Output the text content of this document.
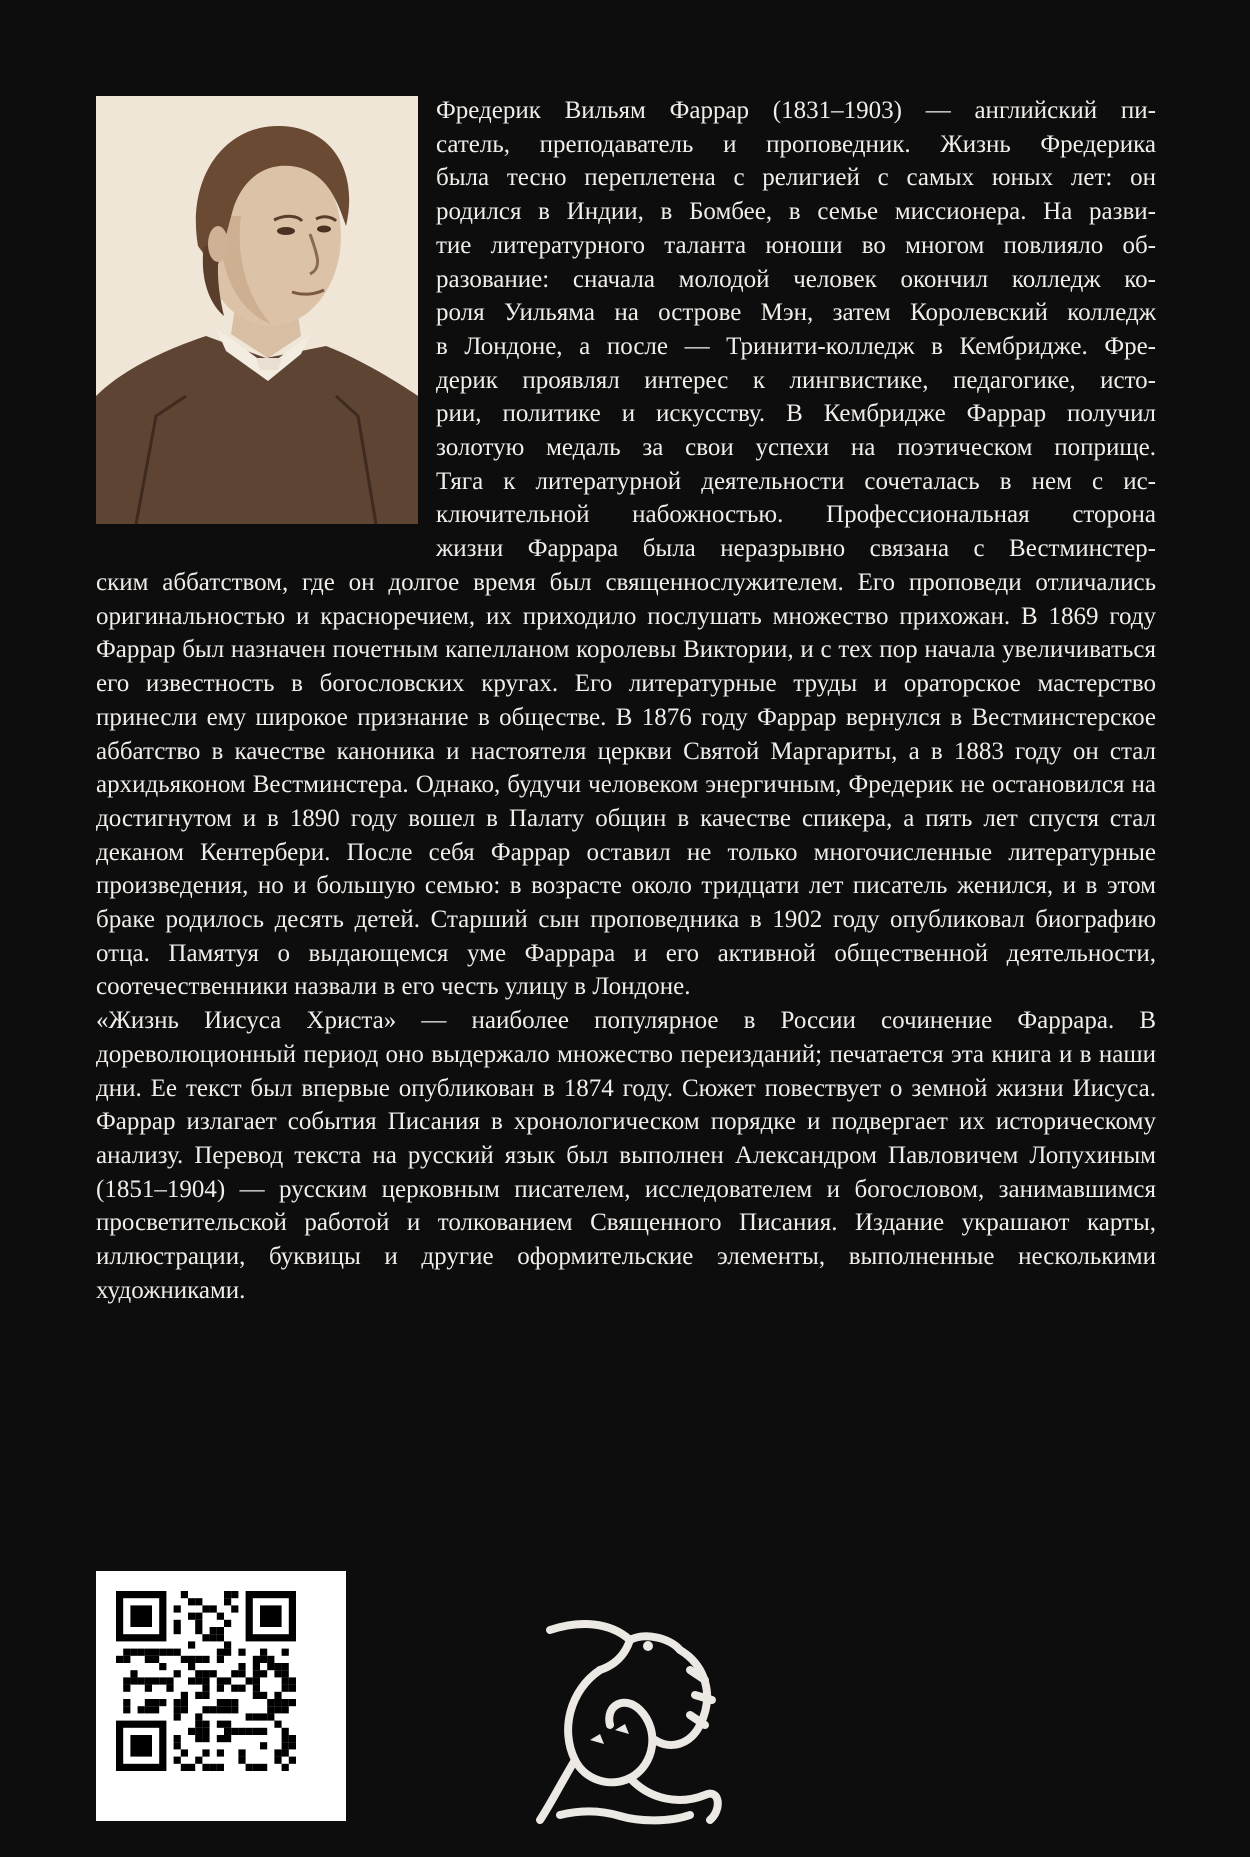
Фредерик Вильям Фаррар (1831–1903) — английский пи-
сатель, преподаватель и проповедник. Жизнь Фредерика
была тесно переплетена с религией с самых юных лет: он
родился в Индии, в Бомбее, в семье миссионера. На разви-
тие литературного таланта юноши во многом повлияло об-
разование: сначала молодой человек окончил колледж ко-
роля Уильяма на острове Мэн, затем Королевский колледж
в Лондоне, а после — Тринити-колледж в Кембридже. Фре-
дерик проявлял интерес к лингвистике, педагогике, исто-
рии, политике и искусству. В Кембридже Фаррар получил
золотую медаль за свои успехи на поэтическом поприще.
Тяга к литературной деятельности сочеталась в нем с ис-
ключительной набожностью. Профессиональная сторона
жизни Фаррара была неразрывно связана с Вестминстер-

ским аббатством, где он долгое время был священнослужителем. Его проповеди отличались оригинальностью и красноречием, их приходило послушать множество прихожан. В 1869 году Фаррар был назначен почетным капелланом королевы Виктории, и с тех пор начала увеличиваться его известность в богословских кругах. Его литературные труды и ораторское мастерство принесли ему широкое признание в обществе. В 1876 году Фаррар вернулся в Вестминстерское аббатство в качестве каноника и настоятеля церкви Святой Маргариты, а в 1883 году он стал архидьяконом Вестминстера. Однако, будучи человеком энергичным, Фредерик не остановился на достигнутом и в 1890 году вошел в Палату общин в качестве спикера, а пять лет спустя стал деканом Кентербери. После себя Фаррар оставил не только многочисленные литературные произведения, но и большую семью: в возрасте около тридцати лет писатель женился, и в этом браке родилось десять детей. Старший сын проповедника в 1902 году опубликовал биографию отца. Памятуя о выдающемся уме Фаррара и его активной общественной деятельности, соотечественники назвали в его честь улицу в Лондоне.

«Жизнь Иисуса Христа» — наиболее популярное в России сочинение Фаррара. В дореволюционный период оно выдержало множество переизданий; печатается эта книга и в наши дни. Ее текст был впервые опубликован в 1874 году. Сюжет повествует о земной жизни Иисуса. Фаррар излагает события Писания в хронологическом порядке и подвергает их историческому анализу. Перевод текста на русский язык был выполнен Александром Павловичем Лопухиным (1851–1904) — русским церковным писателем, исследователем и богословом, занимавшимся просветительской работой и толкованием Священного Писания. Издание украшают карты, иллюстрации, буквицы и другие оформительские элементы, выполненные несколькими художниками.
